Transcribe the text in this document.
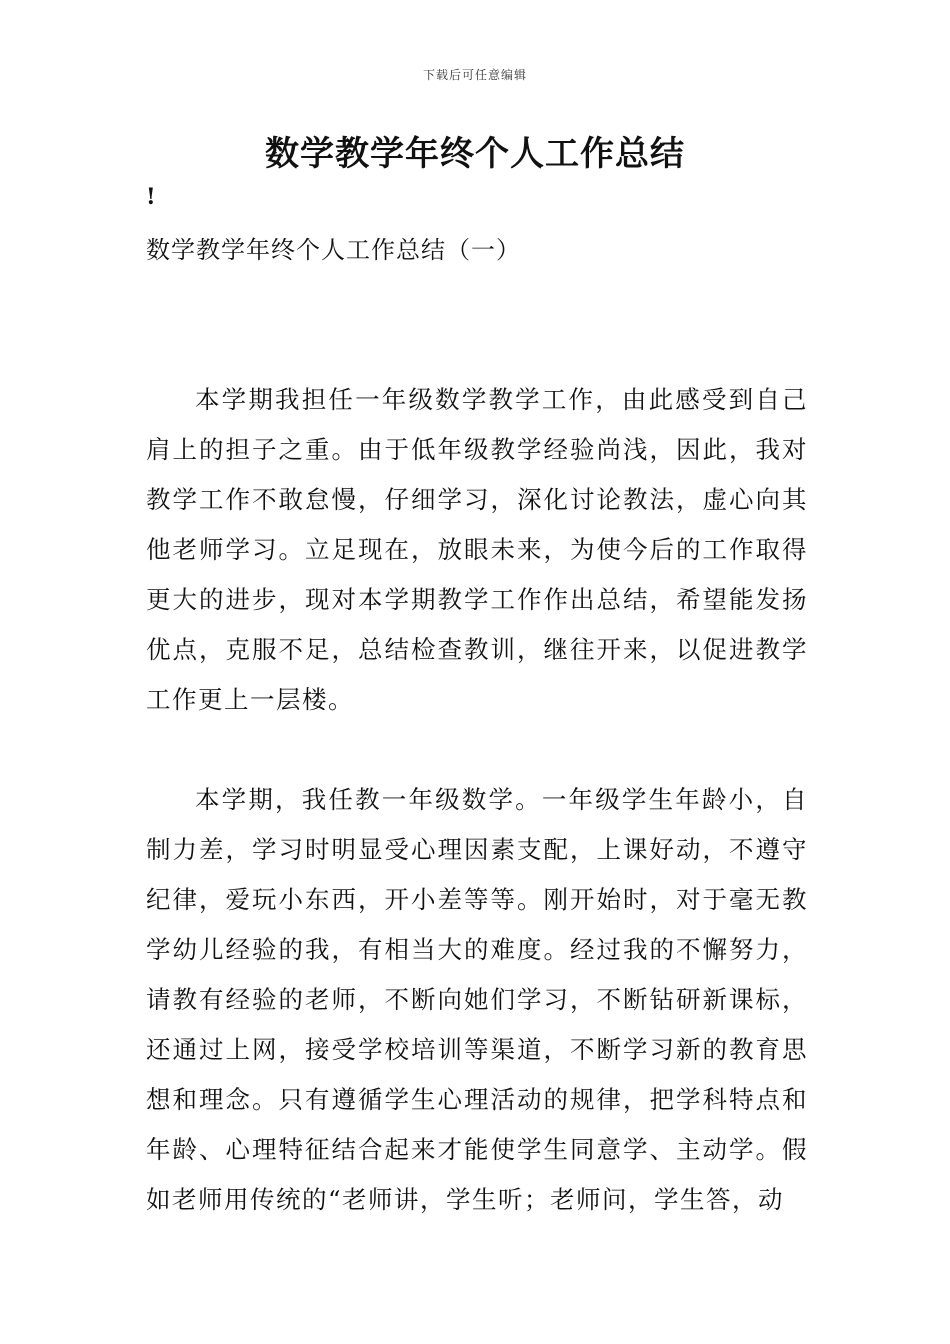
下载后可任意编辑
数学教学年终个人工作总结
!
数学教学年终个人工作总结（一）

本学期我担任一年级数学教学工作，由此感受到自己肩上的担子之重。由于低年级教学经验尚浅，因此，我对教学工作不敢怠慢，仔细学习，深化讨论教法，虚心向其他老师学习。立足现在，放眼未来，为使今后的工作取得更大的进步，现对本学期教学工作作出总结，希望能发扬优点，克服不足，总结检查教训，继往开来，以促进教学工作更上一层楼。

本学期，我任教一年级数学。一年级学生年龄小，自制力差，学习时明显受心理因素支配，上课好动，不遵守纪律，爱玩小东西，开小差等等。刚开始时，对于毫无教学幼儿经验的我，有相当大的难度。经过我的不懈努力，请教有经验的老师，不断向她们学习，不断钻研新课标，还通过上网，接受学校培训等渠道，不断学习新的教育思想和理念。只有遵循学生心理活动的规律，把学科特点和年龄、心理特征结合起来才能使学生同意学、主动学。假如老师用传统的“老师讲，学生听；老师问，学生答，动
